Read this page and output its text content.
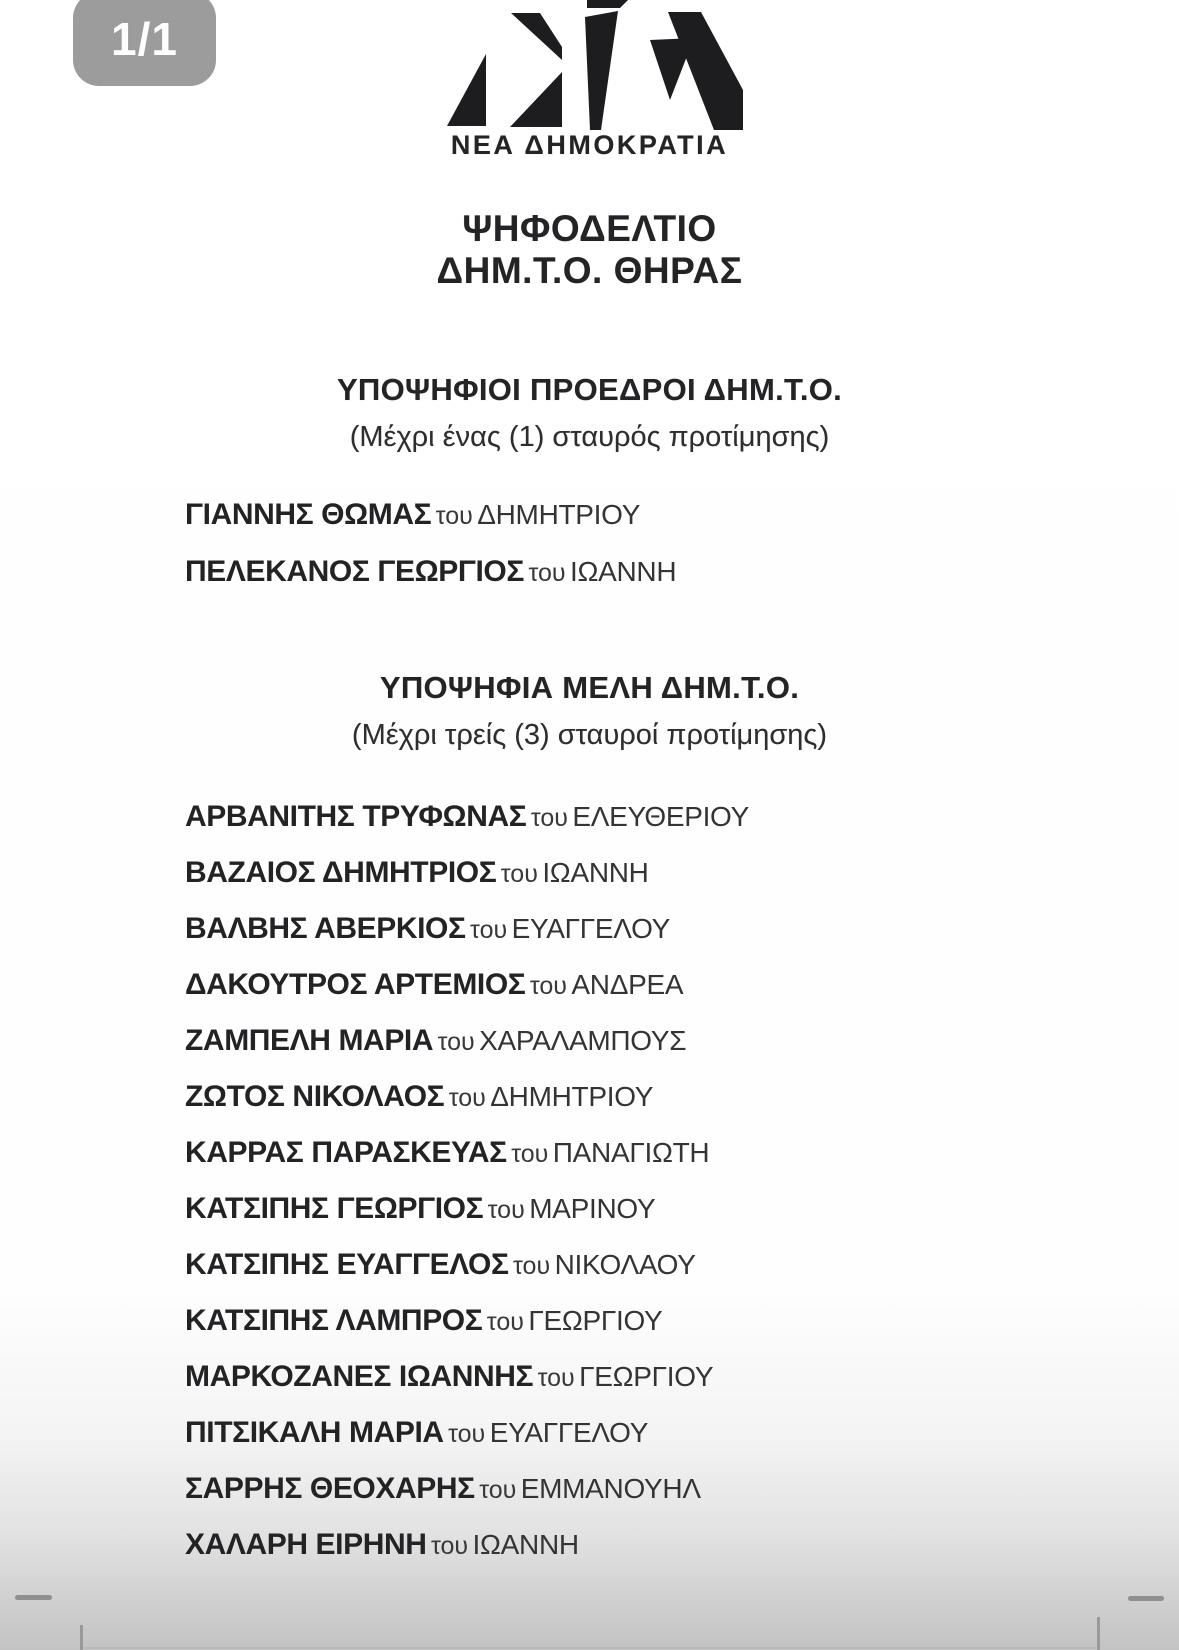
1/1
ΝΕΑ ΔΗΜΟΚΡΑΤΙΑ
ΨΗΦΟΔΕΛΤΙΟ
ΔΗΜ.Τ.Ο. ΘΗΡΑΣ
ΥΠΟΨΗΦΙΟΙ ΠΡΟΕΔΡΟΙ ΔΗΜ.Τ.Ο.
(Μέχρι ένας (1) σταυρός προτίμησης)
ΓΙΑΝΝΗΣ ΘΩΜΑΣ του ΔΗΜΗΤΡΙΟΥ
ΠΕΛΕΚΑΝΟΣ ΓΕΩΡΓΙΟΣ του ΙΩΑΝΝΗ
ΥΠΟΨΗΦΙΑ ΜΕΛΗ ΔΗΜ.Τ.Ο.
(Μέχρι τρείς (3) σταυροί προτίμησης)
ΑΡΒΑΝΙΤΗΣ ΤΡΥΦΩΝΑΣ του ΕΛΕΥΘΕΡΙΟΥ
ΒΑΖΑΙΟΣ ΔΗΜΗΤΡΙΟΣ του ΙΩΑΝΝΗ
ΒΑΛΒΗΣ ΑΒΕΡΚΙΟΣ του ΕΥΑΓΓΕΛΟΥ
ΔΑΚΟΥΤΡΟΣ ΑΡΤΕΜΙΟΣ του ΑΝΔΡΕΑ
ΖΑΜΠΕΛΗ ΜΑΡΙΑ του ΧΑΡΑΛΑΜΠΟΥΣ
ΖΩΤΟΣ ΝΙΚΟΛΑΟΣ του ΔΗΜΗΤΡΙΟΥ
ΚΑΡΡΑΣ ΠΑΡΑΣΚΕΥΑΣ του ΠΑΝΑΓΙΩΤΗ
ΚΑΤΣΙΠΗΣ ΓΕΩΡΓΙΟΣ του ΜΑΡΙΝΟΥ
ΚΑΤΣΙΠΗΣ ΕΥΑΓΓΕΛΟΣ του ΝΙΚΟΛΑΟΥ
ΚΑΤΣΙΠΗΣ ΛΑΜΠΡΟΣ του ΓΕΩΡΓΙΟΥ
ΜΑΡΚΟΖΑΝΕΣ ΙΩΑΝΝΗΣ του ΓΕΩΡΓΙΟΥ
ΠΙΤΣΙΚΑΛΗ ΜΑΡΙΑ του ΕΥΑΓΓΕΛΟΥ
ΣΑΡΡΗΣ ΘΕΟΧΑΡΗΣ του ΕΜΜΑΝΟΥΗΛ
ΧΑΛΑΡΗ ΕΙΡΗΝΗ του ΙΩΑΝΝΗ
